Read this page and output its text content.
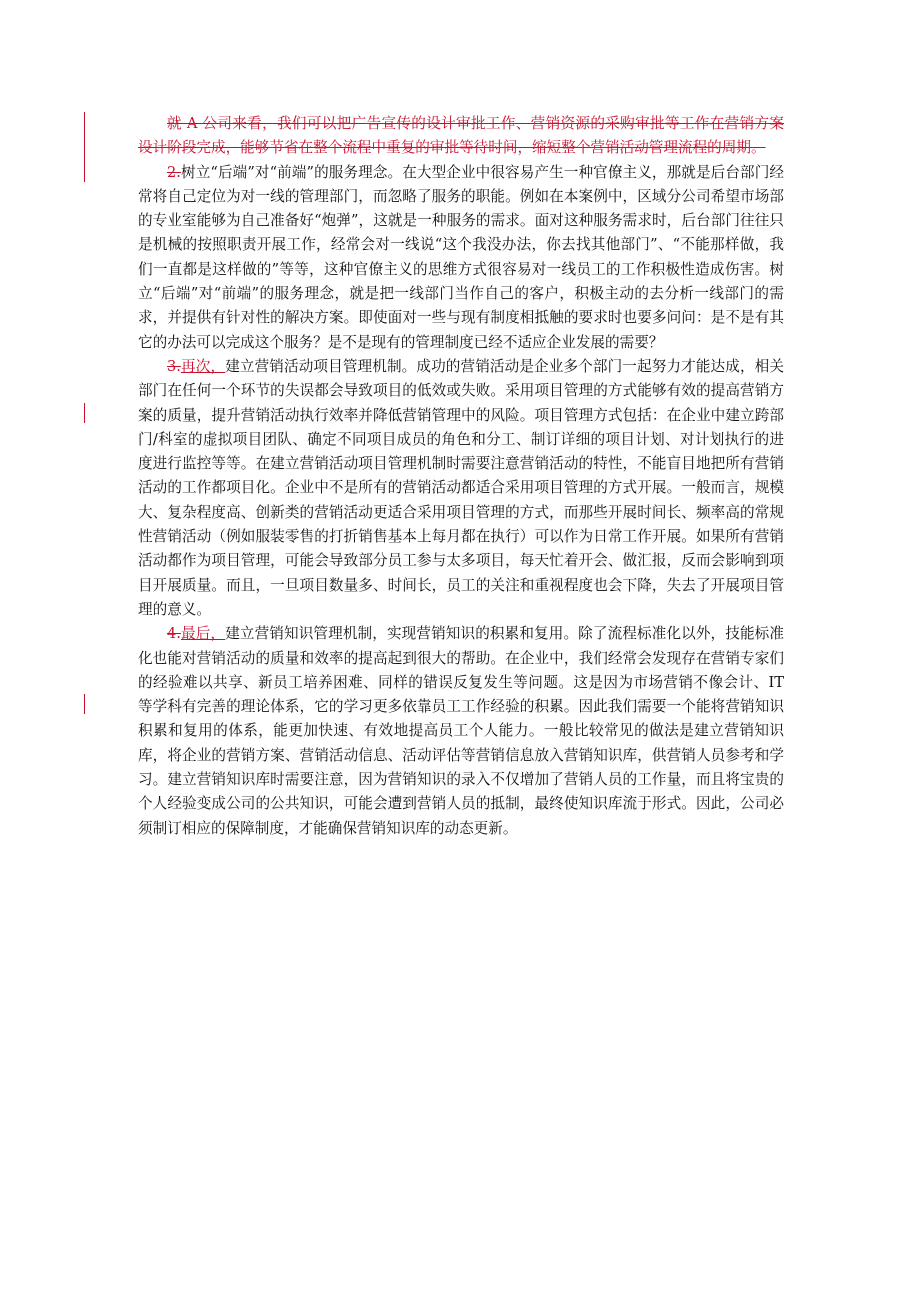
就 A 公司来看，我们可以把广告宣传的设计审批工作、营销资源的采购审批等工作在营销方案设计阶段完成，能够节省在整个流程中重复的审批等待时间，缩短整个营销活动管理流程的周期。

2.树立“后端”对“前端”的服务理念。在大型企业中很容易产生一种官僚主义，那就是后台部门经常将自己定位为对一线的管理部门，而忽略了服务的职能。例如在本案例中，区域分公司希望市场部的专业室能够为自己准备好“炮弹”，这就是一种服务的需求。面对这种服务需求时，后台部门往往只是机械的按照职责开展工作，经常会对一线说“这个我没办法，你去找其他部门”、“不能那样做，我们一直都是这样做的”等等，这种官僚主义的思维方式很容易对一线员工的工作积极性造成伤害。树立“后端”对“前端”的服务理念，就是把一线部门当作自己的客户，积极主动的去分析一线部门的需求，并提供有针对性的解决方案。即使面对一些与现有制度相抵触的要求时也要多问问：是不是有其它的办法可以完成这个服务？是不是现有的管理制度已经不适应企业发展的需要？

3.再次，建立营销活动项目管理机制。成功的营销活动是企业多个部门一起努力才能达成，相关部门在任何一个环节的失误都会导致项目的低效或失败。采用项目管理的方式能够有效的提高营销方案的质量，提升营销活动执行效率并降低营销管理中的风险。项目管理方式包括：在企业中建立跨部门/科室的虚拟项目团队、确定不同项目成员的角色和分工、制订详细的项目计划、对计划执行的进度进行监控等等。在建立营销活动项目管理机制时需要注意营销活动的特性，不能盲目地把所有营销活动的工作都项目化。企业中不是所有的营销活动都适合采用项目管理的方式开展。一般而言，规模大、复杂程度高、创新类的营销活动更适合采用项目管理的方式，而那些开展时间长、频率高的常规性营销活动（例如服装零售的打折销售基本上每月都在执行）可以作为日常工作开展。如果所有营销活动都作为项目管理，可能会导致部分员工参与太多项目，每天忙着开会、做汇报，反而会影响到项目开展质量。而且，一旦项目数量多、时间长，员工的关注和重视程度也会下降，失去了开展项目管理的意义。

4.最后，建立营销知识管理机制，实现营销知识的积累和复用。除了流程标准化以外，技能标准化也能对营销活动的质量和效率的提高起到很大的帮助。在企业中，我们经常会发现存在营销专家们的经验难以共享、新员工培养困难、同样的错误反复发生等问题。这是因为市场营销不像会计、IT 等学科有完善的理论体系，它的学习更多依靠员工工作经验的积累。因此我们需要一个能将营销知识积累和复用的体系，能更加快速、有效地提高员工个人能力。一般比较常见的做法是建立营销知识库，将企业的营销方案、营销活动信息、活动评估等营销信息放入营销知识库，供营销人员参考和学习。建立营销知识库时需要注意，因为营销知识的录入不仅增加了营销人员的工作量，而且将宝贵的个人经验变成公司的公共知识，可能会遭到营销人员的抵制，最终使知识库流于形式。因此，公司必须制订相应的保障制度，才能确保营销知识库的动态更新。
